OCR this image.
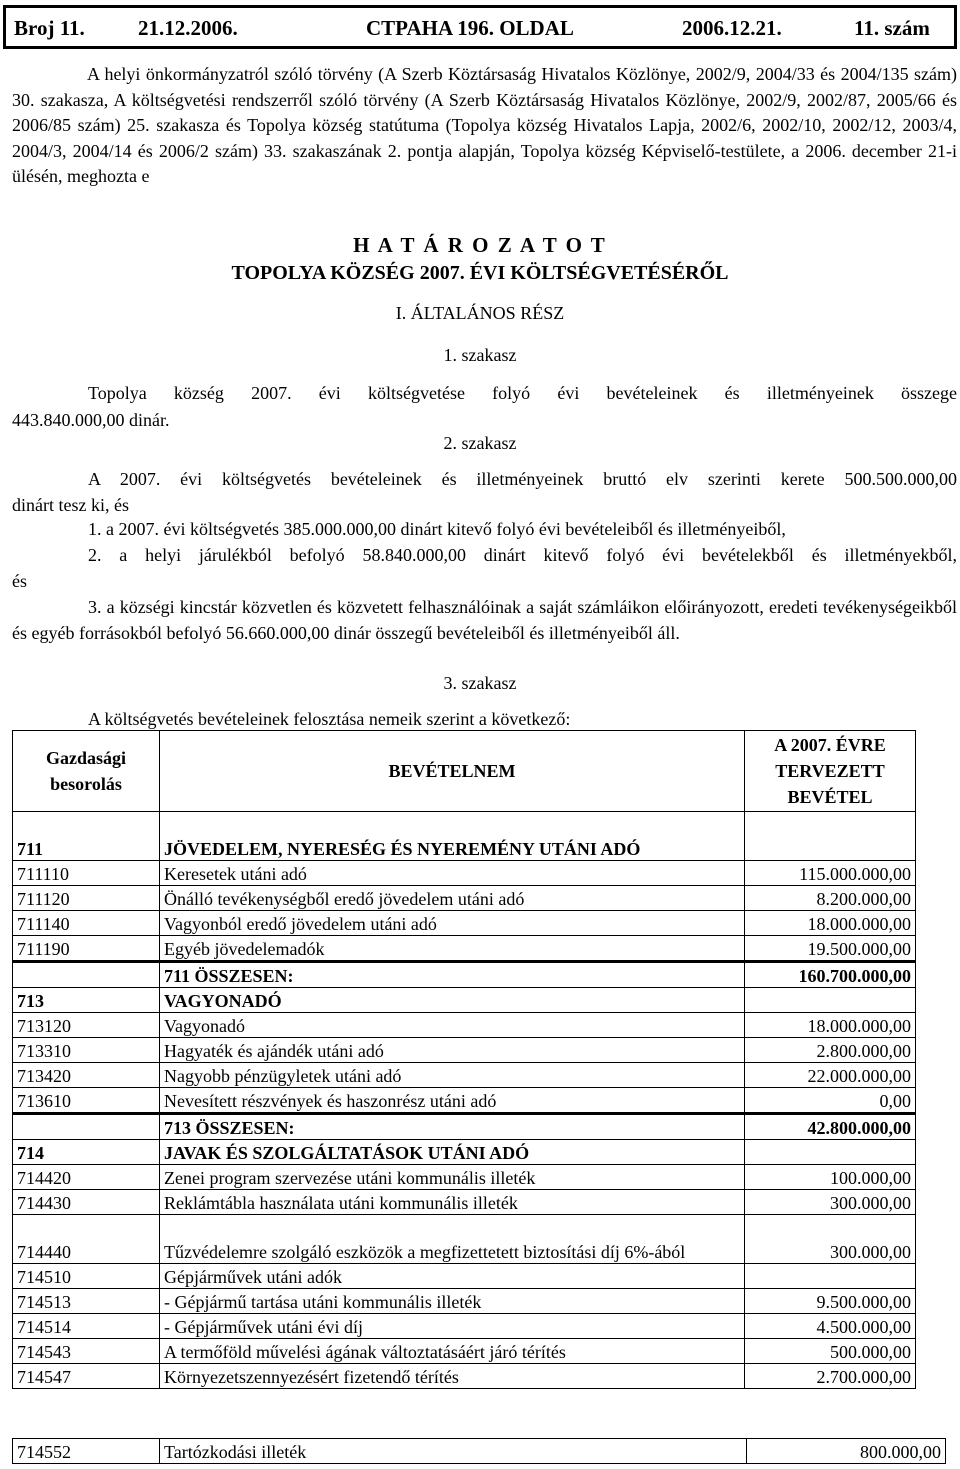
Broj 11.	21.12.2006.	CTPAHA 196. OLDAL	2006.12.21.	11. szám
A helyi önkormányzatról szóló törvény (A Szerb Köztársaság Hivatalos Közlönye, 2002/9, 2004/33 és 2004/135 szám) 30. szakasza, A költségvetési rendszerről szóló törvény (A Szerb Köztársaság Hivatalos Közlönye, 2002/9, 2002/87, 2005/66 és 2006/85 szám) 25. szakasza és Topolya község statútuma (Topolya község Hivatalos Lapja, 2002/6, 2002/10, 2002/12, 2003/4, 2004/3, 2004/14 és 2006/2 szám) 33. szakaszának 2. pontja alapján, Topolya község Képviselő-testülete, a 2006. december 21-i ülésén, meghozta e
H A T Á R O Z A T O T
TOPOLYA KÖZSÉG 2007. ÉVI KÖLTSÉGVETÉSÉRŐL
I. ÁLTALÁNOS RÉSZ
1. szakasz
Topolya község 2007. évi költségvetése folyó évi bevételeinek és illetményeinek összege
443.840.000,00 dinár.
2. szakasz
A 2007. évi költségvetés bevételeinek és illetményeinek bruttó elv szerinti kerete 500.500.000,00
dinárt tesz ki, és
1. a 2007. évi költségvetés 385.000.000,00 dinárt kitevő folyó évi bevételeiből és illetményeiből,
2. a helyi járulékból befolyó 58.840.000,00 dinárt kitevő folyó évi bevételekből és illetményekből,
és
3. a községi kincstár közvetlen és közvetett felhasználóinak a saját számláikon előirányozott, eredeti tevékenységeikből és egyéb forrásokból befolyó 56.660.000,00 dinár összegű bevételeiből és illetményeiből áll.
3. szakasz
A költségvetés bevételeinek felosztása nemeik szerint a következő:
Gazdasági besorolás	BEVÉTELNEM	A 2007. ÉVRE TERVEZETT BEVÉTEL
711	JÖVEDELEM, NYERESÉG ÉS NYEREMÉNY UTÁNI ADÓ	
711110	Keresetek utáni adó	115.000.000,00
711120	Önálló tevékenységből eredő jövedelem utáni adó	8.200.000,00
711140	Vagyonból eredő jövedelem utáni adó	18.000.000,00
711190	Egyéb jövedelemadók	19.500.000,00
	711 ÖSSZESEN:	160.700.000,00
713	VAGYONADÓ	
713120	Vagyonadó	18.000.000,00
713310	Hagyaték és ajándék utáni adó	2.800.000,00
713420	Nagyobb pénzügyletek utáni adó	22.000.000,00
713610	Nevesített részvények és haszonrész utáni adó	0,00
	713 ÖSSZESEN:	42.800.000,00
714	JAVAK ÉS SZOLGÁLTATÁSOK UTÁNI ADÓ	
714420	Zenei program szervezése utáni kommunális illeték	100.000,00
714430	Reklámtábla használata utáni kommunális illeték	300.000,00
714440	Tűzvédelemre szolgáló eszközök a megfizettetett biztosítási díj 6%-ából	300.000,00
714510	Gépjárművek utáni adók	
714513	- Gépjármű tartása utáni kommunális illeték	9.500.000,00
714514	- Gépjárművek utáni évi díj	4.500.000,00
714543	A termőföld művelési ágának változtatásáért járó térítés	500.000,00
714547	Környezetszennyezésért fizetendő térítés	2.700.000,00
714552	Tartózkodási illeték	800.000,00
